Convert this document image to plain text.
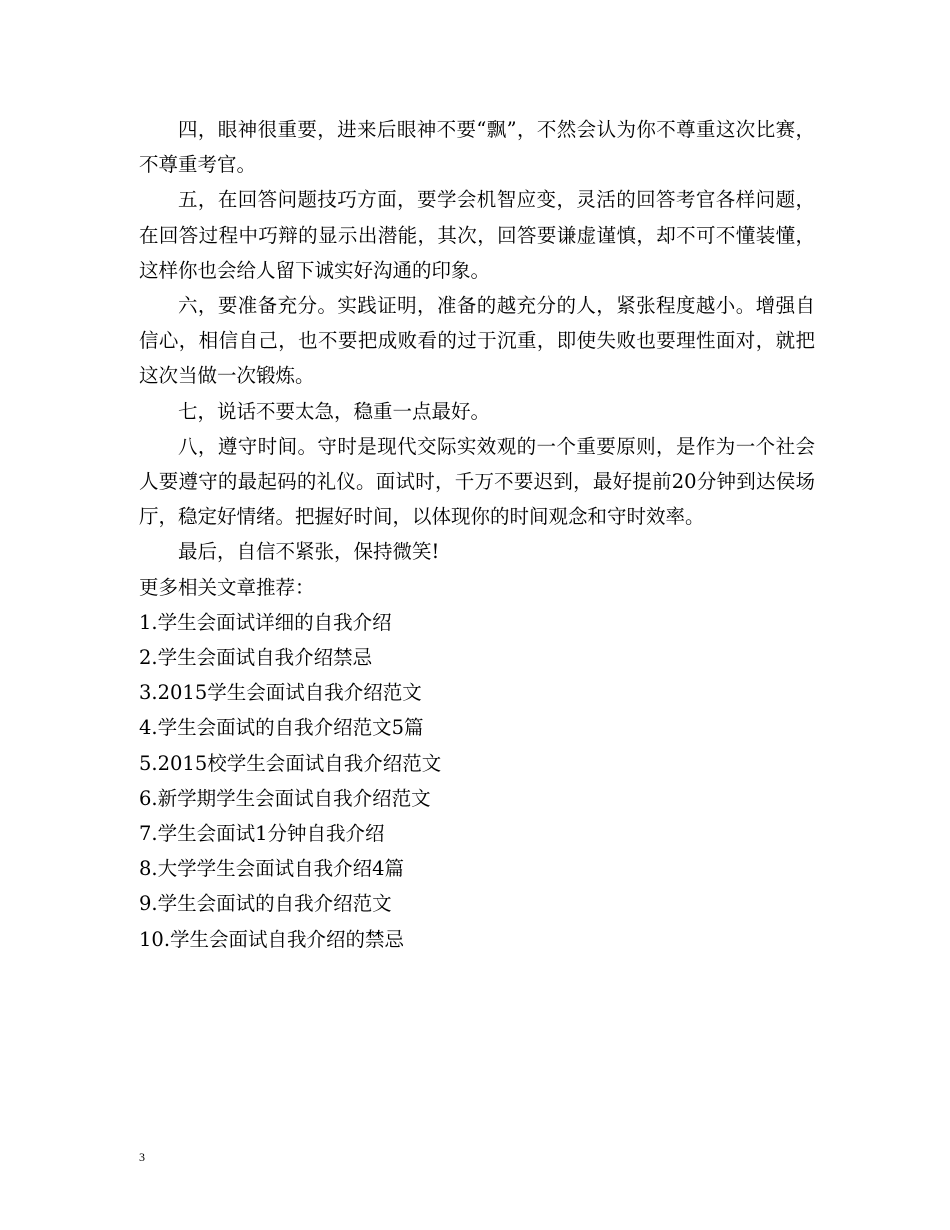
四，眼神很重要，进来后眼神不要“飘”，不然会认为你不尊重这次比赛，不尊重考官。

五，在回答问题技巧方面，要学会机智应变，灵活的回答考官各样问题，在回答过程中巧辩的显示出潜能，其次，回答要谦虚谨慎，却不可不懂装懂，这样你也会给人留下诚实好沟通的印象。

六，要准备充分。实践证明，准备的越充分的人，紧张程度越小。增强自信心，相信自己，也不要把成败看的过于沉重，即使失败也要理性面对，就把这次当做一次锻炼。

七，说话不要太急，稳重一点最好。

八，遵守时间。守时是现代交际实效观的一个重要原则，是作为一个社会人要遵守的最起码的礼仪。面试时，千万不要迟到，最好提前20分钟到达侯场厅，稳定好情绪。把握好时间，以体现你的时间观念和守时效率。

最后，自信不紧张，保持微笑!

更多相关文章推荐：

1.学生会面试详细的自我介绍
2.学生会面试自我介绍禁忌
3.2015学生会面试自我介绍范文
4.学生会面试的自我介绍范文5篇
5.2015校学生会面试自我介绍范文
6.新学期学生会面试自我介绍范文
7.学生会面试1分钟自我介绍
8.大学学生会面试自我介绍4篇
9.学生会面试的自我介绍范文
10.学生会面试自我介绍的禁忌
3
